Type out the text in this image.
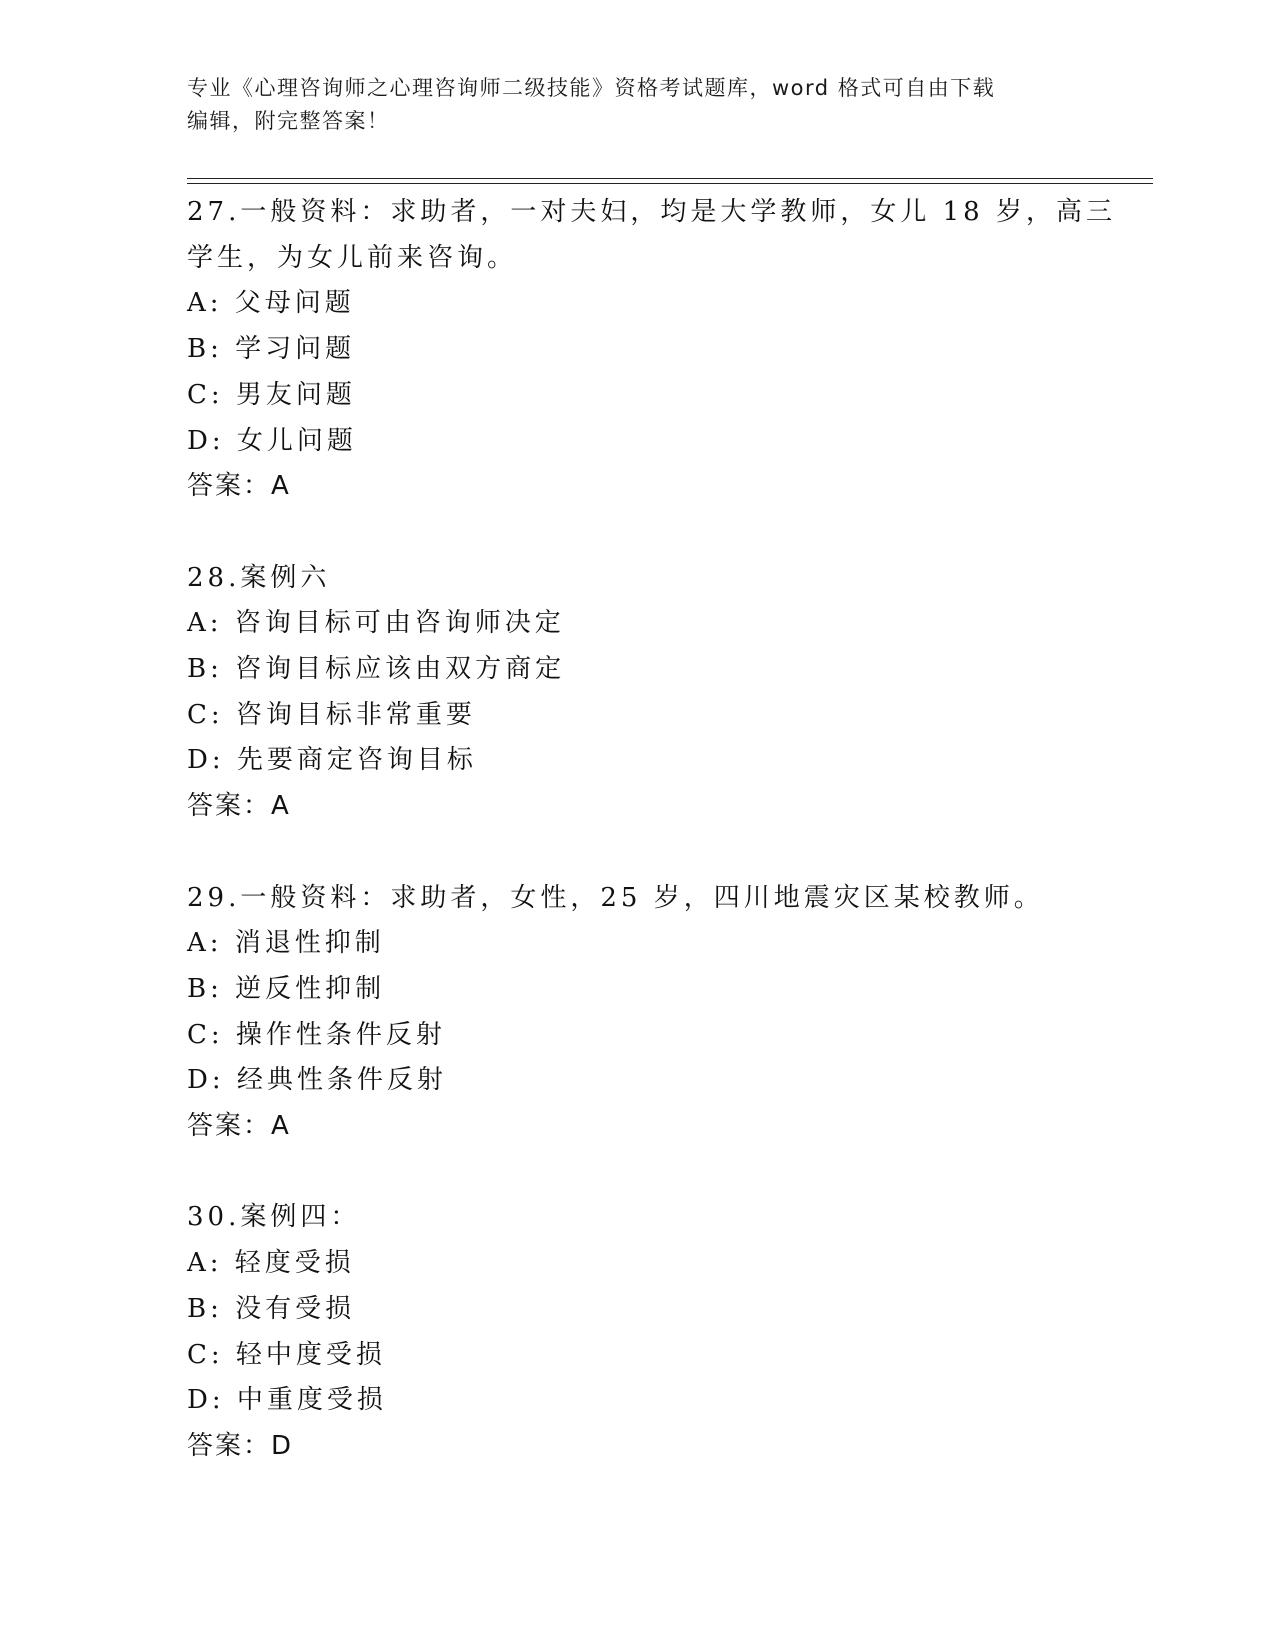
专业《心理咨询师之心理咨询师二级技能》资格考试题库，word 格式可自由下载
编辑，附完整答案！
27.一般资料：求助者，一对夫妇，均是大学教师，女儿 18 岁，高三
学生，为女儿前来咨询。
A: 父母问题
B: 学习问题
C: 男友问题
D: 女儿问题
答案：A
28.案例六
A: 咨询目标可由咨询师决定
B: 咨询目标应该由双方商定
C: 咨询目标非常重要
D: 先要商定咨询目标
答案：A
29.一般资料：求助者，女性，25 岁，四川地震灾区某校教师。
A: 消退性抑制
B: 逆反性抑制
C: 操作性条件反射
D: 经典性条件反射
答案：A
30.案例四：
A: 轻度受损
B: 没有受损
C: 轻中度受损
D: 中重度受损
答案：D
